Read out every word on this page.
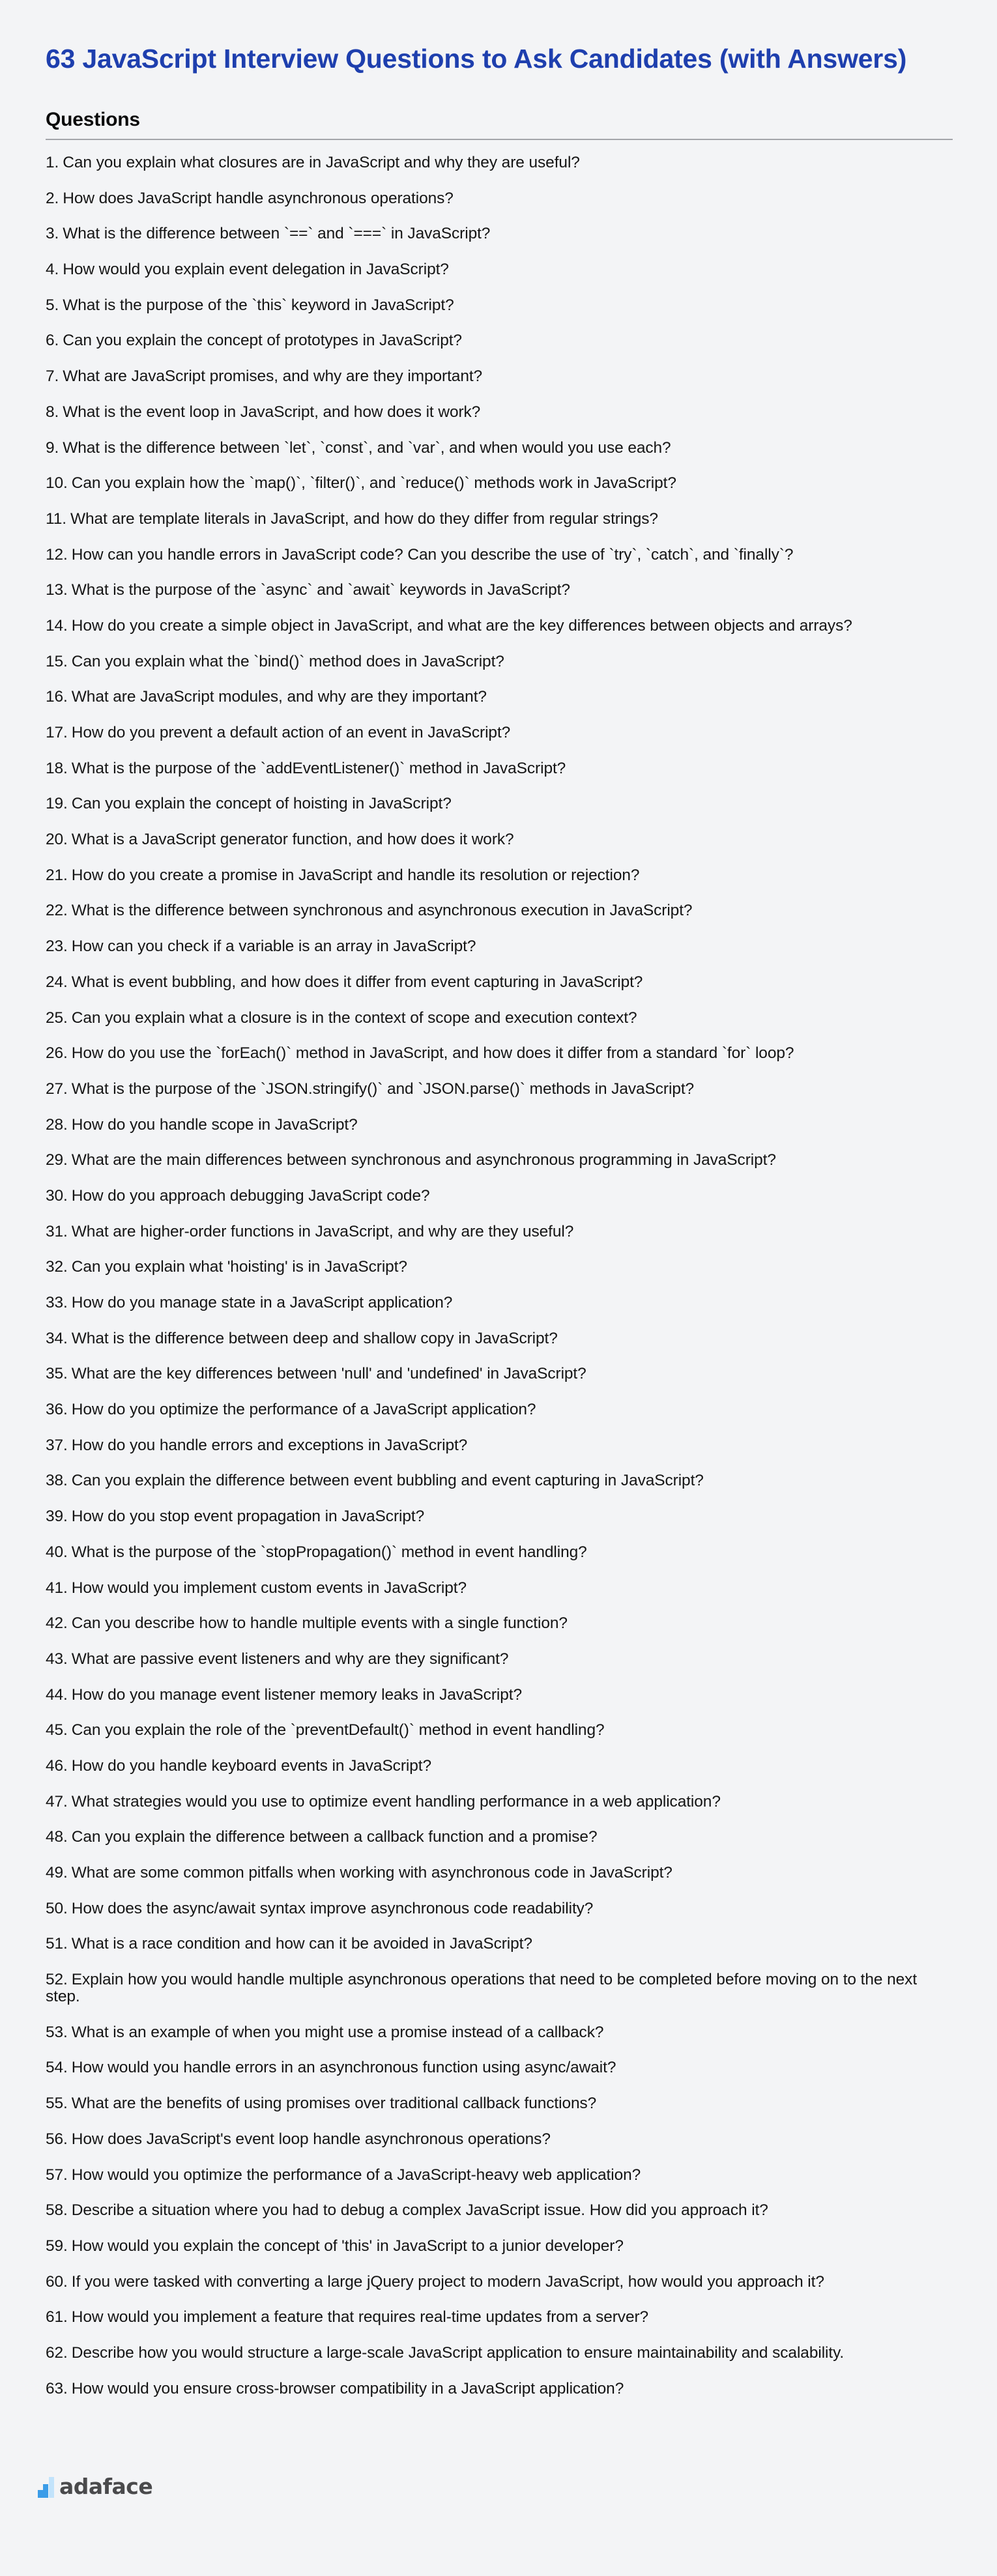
63 JavaScript Interview Questions to Ask Candidates (with Answers)
Questions
1. Can you explain what closures are in JavaScript and why they are useful?
2. How does JavaScript handle asynchronous operations?
3. What is the difference between `==` and `===` in JavaScript?
4. How would you explain event delegation in JavaScript?
5. What is the purpose of the `this` keyword in JavaScript?
6. Can you explain the concept of prototypes in JavaScript?
7. What are JavaScript promises, and why are they important?
8. What is the event loop in JavaScript, and how does it work?
9. What is the difference between `let`, `const`, and `var`, and when would you use each?
10. Can you explain how the `map()`, `filter()`, and `reduce()` methods work in JavaScript?
11. What are template literals in JavaScript, and how do they differ from regular strings?
12. How can you handle errors in JavaScript code? Can you describe the use of `try`, `catch`, and `finally`?
13. What is the purpose of the `async` and `await` keywords in JavaScript?
14. How do you create a simple object in JavaScript, and what are the key differences between objects and arrays?
15. Can you explain what the `bind()` method does in JavaScript?
16. What are JavaScript modules, and why are they important?
17. How do you prevent a default action of an event in JavaScript?
18. What is the purpose of the `addEventListener()` method in JavaScript?
19. Can you explain the concept of hoisting in JavaScript?
20. What is a JavaScript generator function, and how does it work?
21. How do you create a promise in JavaScript and handle its resolution or rejection?
22. What is the difference between synchronous and asynchronous execution in JavaScript?
23. How can you check if a variable is an array in JavaScript?
24. What is event bubbling, and how does it differ from event capturing in JavaScript?
25. Can you explain what a closure is in the context of scope and execution context?
26. How do you use the `forEach()` method in JavaScript, and how does it differ from a standard `for` loop?
27. What is the purpose of the `JSON.stringify()` and `JSON.parse()` methods in JavaScript?
28. How do you handle scope in JavaScript?
29. What are the main differences between synchronous and asynchronous programming in JavaScript?
30. How do you approach debugging JavaScript code?
31. What are higher-order functions in JavaScript, and why are they useful?
32. Can you explain what 'hoisting' is in JavaScript?
33. How do you manage state in a JavaScript application?
34. What is the difference between deep and shallow copy in JavaScript?
35. What are the key differences between 'null' and 'undefined' in JavaScript?
36. How do you optimize the performance of a JavaScript application?
37. How do you handle errors and exceptions in JavaScript?
38. Can you explain the difference between event bubbling and event capturing in JavaScript?
39. How do you stop event propagation in JavaScript?
40. What is the purpose of the `stopPropagation()` method in event handling?
41. How would you implement custom events in JavaScript?
42. Can you describe how to handle multiple events with a single function?
43. What are passive event listeners and why are they significant?
44. How do you manage event listener memory leaks in JavaScript?
45. Can you explain the role of the `preventDefault()` method in event handling?
46. How do you handle keyboard events in JavaScript?
47. What strategies would you use to optimize event handling performance in a web application?
48. Can you explain the difference between a callback function and a promise?
49. What are some common pitfalls when working with asynchronous code in JavaScript?
50. How does the async/await syntax improve asynchronous code readability?
51. What is a race condition and how can it be avoided in JavaScript?
52. Explain how you would handle multiple asynchronous operations that need to be completed before moving on to the next step.
53. What is an example of when you might use a promise instead of a callback?
54. How would you handle errors in an asynchronous function using async/await?
55. What are the benefits of using promises over traditional callback functions?
56. How does JavaScript's event loop handle asynchronous operations?
57. How would you optimize the performance of a JavaScript-heavy web application?
58. Describe a situation where you had to debug a complex JavaScript issue. How did you approach it?
59. How would you explain the concept of 'this' in JavaScript to a junior developer?
60. If you were tasked with converting a large jQuery project to modern JavaScript, how would you approach it?
61. How would you implement a feature that requires real-time updates from a server?
62. Describe how you would structure a large-scale JavaScript application to ensure maintainability and scalability.
63. How would you ensure cross-browser compatibility in a JavaScript application?
adaface
